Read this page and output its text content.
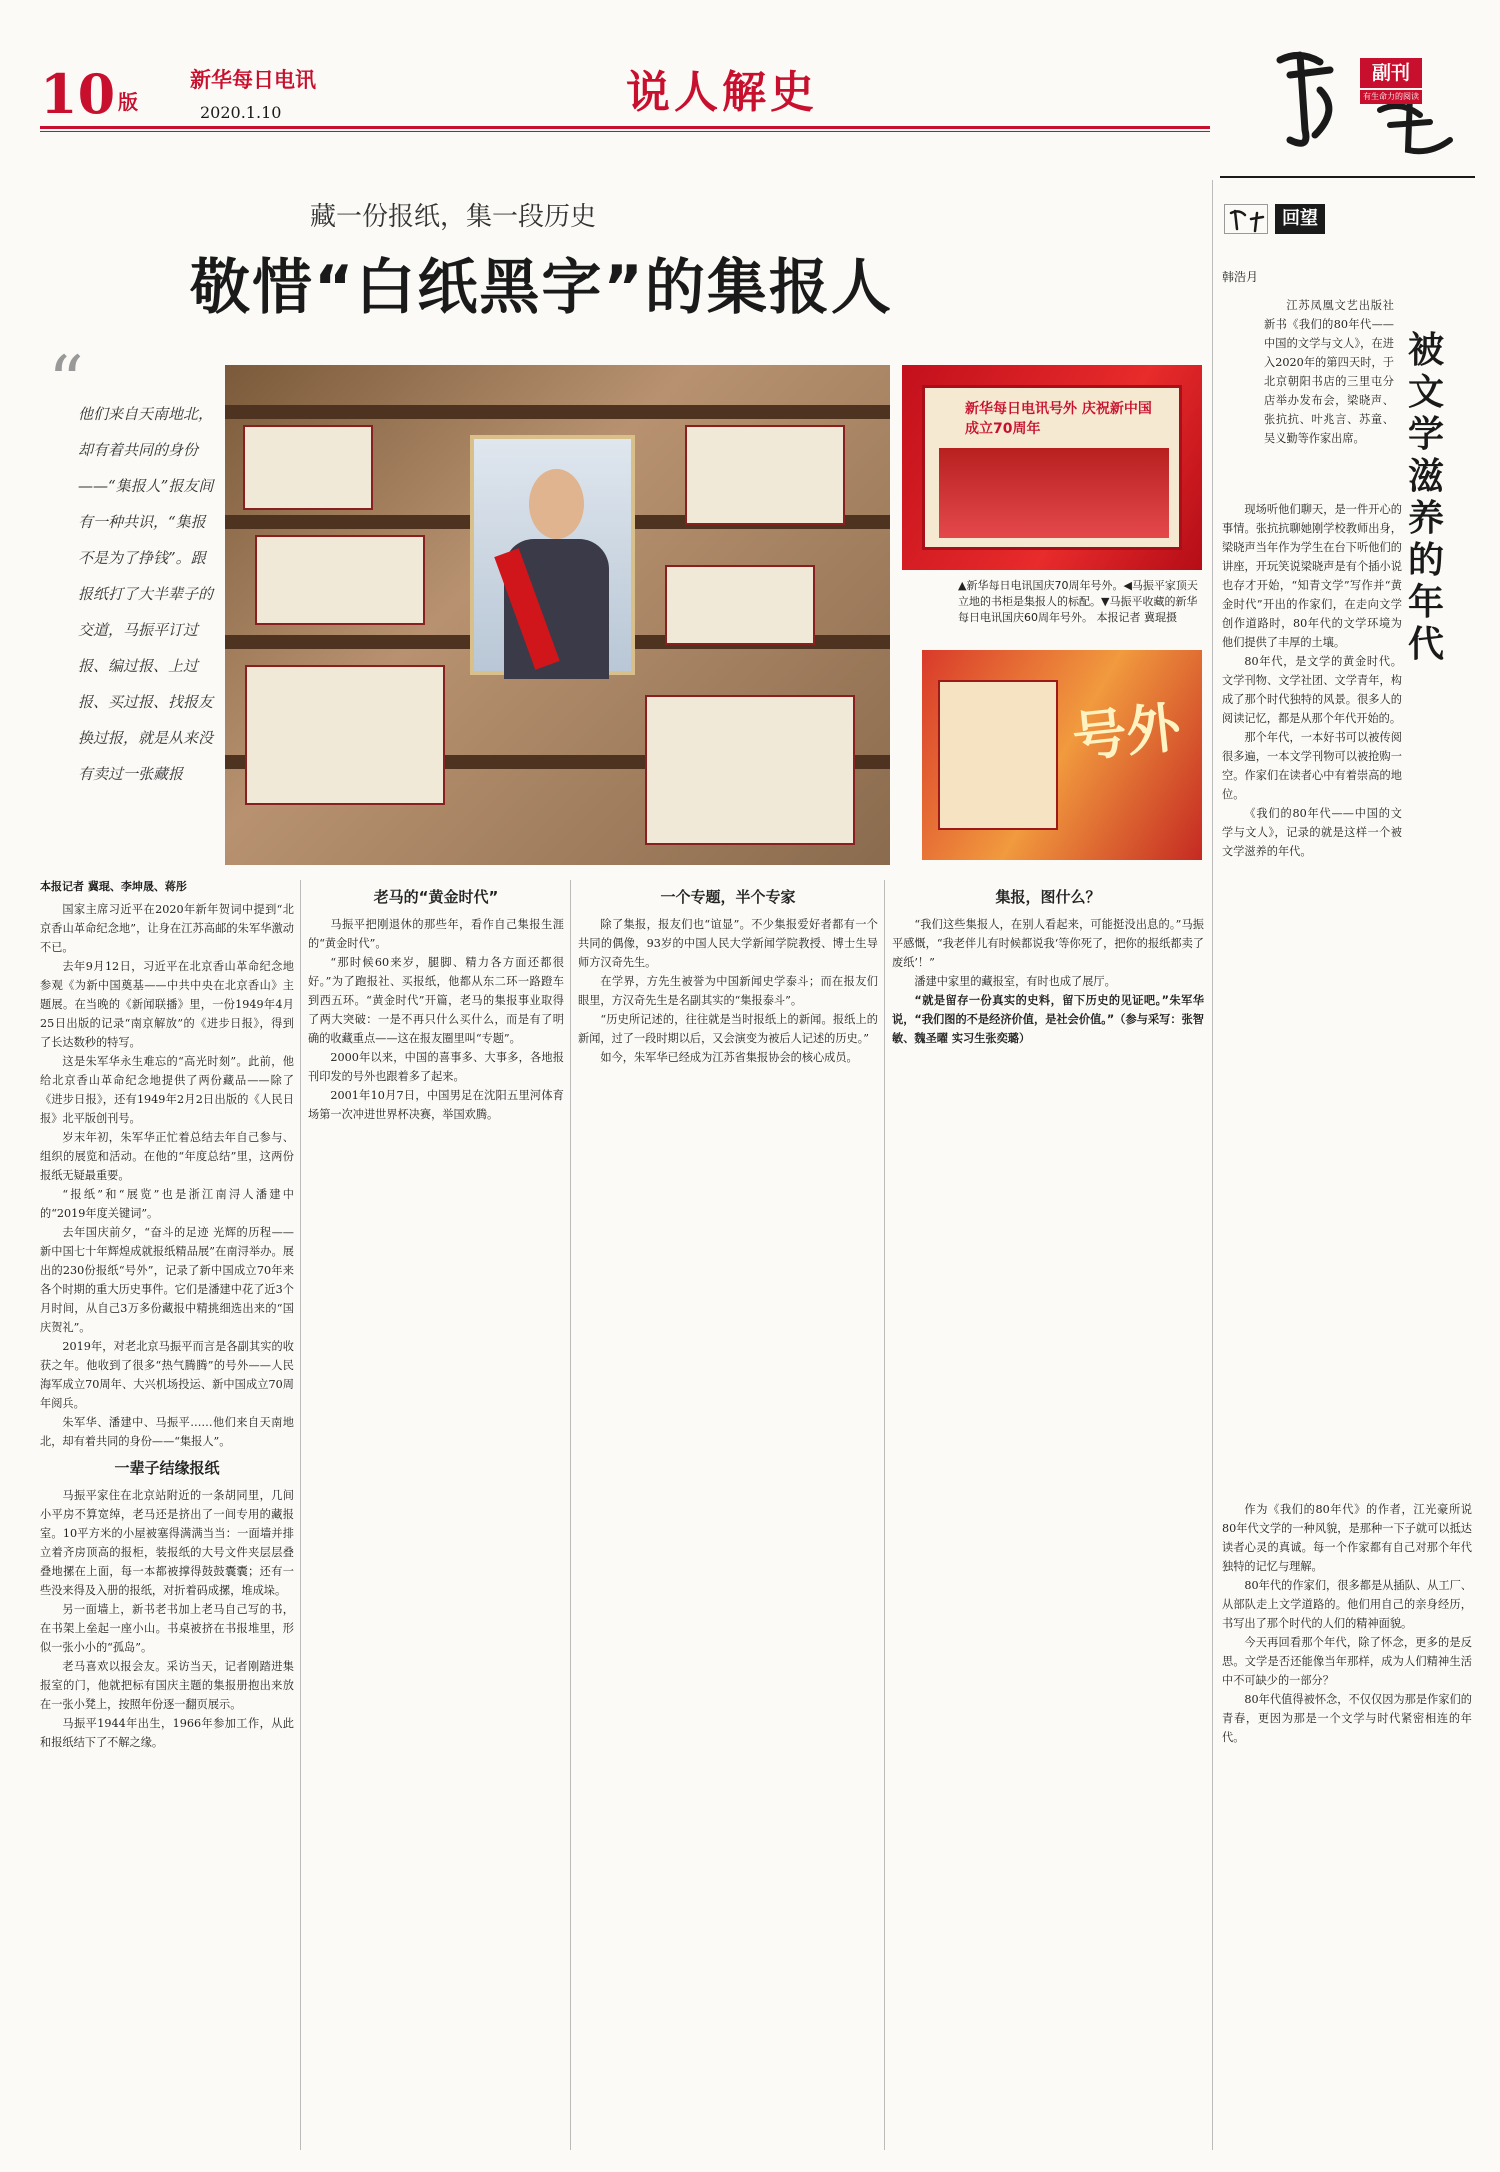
10 版
新华每日电讯
2020.1.10	说人解史	副刊
有生命力的阅读
藏一份报纸，集一段历史
敬惜“白纸黑字”的集报人
“
他们来自天南地北，却有着共同的身份——“集报人”报友间有一种共识，“集报不是为了挣钱”。跟报纸打了大半辈子的交道，马振平订过报、编过报、上过报、买过报、找报友换过报，就是从来没有卖过一张藏报
新华每日电讯号外 庆祝新中国成立70周年
▲新华每日电讯国庆70周年号外。◀马振平家顶天立地的书柜是集报人的标配。▼马振平收藏的新华每日电讯国庆60周年号外。 本报记者 冀琨摄
号外
本报记者 冀琨、李坤晟、蒋彤

国家主席习近平在2020年新年贺词中提到“北京香山革命纪念地”，让身在江苏高邮的朱军华激动不已。

去年9月12日，习近平在北京香山革命纪念地参观《为新中国奠基——中共中央在北京香山》主题展。在当晚的《新闻联播》里，一份1949年4月25日出版的记录“南京解放”的《进步日报》，得到了长达数秒的特写。

这是朱军华永生难忘的“高光时刻”。此前，他给北京香山革命纪念地提供了两份藏品——除了《进步日报》，还有1949年2月2日出版的《人民日报》北平版创刊号。

岁末年初，朱军华正忙着总结去年自己参与、组织的展览和活动。在他的“年度总结”里，这两份报纸无疑最重要。

“报纸”和“展览”也是浙江南浔人潘建中的“2019年度关键词”。

去年国庆前夕，“奋斗的足迹 光辉的历程——新中国七十年辉煌成就报纸精品展”在南浔举办。展出的230份报纸“号外”，记录了新中国成立70年来各个时期的重大历史事件。它们是潘建中花了近3个月时间，从自己3万多份藏报中精挑细选出来的“国庆贺礼”。

2019年，对老北京马振平而言是各副其实的收获之年。他收到了很多“热气腾腾”的号外——人民海军成立70周年、大兴机场投运、新中国成立70周年阅兵。

朱军华、潘建中、马振平……他们来自天南地北，却有着共同的身份——“集报人”。

一辈子结缘报纸

马振平家住在北京站附近的一条胡同里，几间小平房不算宽绰，老马还是挤出了一间专用的藏报室。10平方米的小屋被塞得满满当当：一面墙并排立着齐房顶高的报柜，装报纸的大号文件夹层层叠叠地摞在上面，每一本都被撑得鼓鼓囊囊；还有一些没来得及入册的报纸，对折着码成摞，堆成垛。

另一面墙上，新书老书加上老马自己写的书，在书架上垒起一座小山。书桌被挤在书报堆里，形似一张小小的“孤岛”。

老马喜欢以报会友。采访当天，记者刚踏进集报室的门，他就把标有国庆主题的集报册抱出来放在一张小凳上，按照年份逐一翻页展示。

马振平1944年出生，1966年参加工作，从此和报纸结下了不解之缘。

老马的“黄金时代”

马振平把刚退休的那些年，看作自己集报生涯的“黄金时代”。

“那时候60来岁，腿脚、精力各方面还都很好。”为了跑报社、买报纸，他都从东二环一路蹬车到西五环。“黄金时代”开篇，老马的集报事业取得了两大突破：一是不再只什么买什么，而是有了明确的收藏重点——这在报友圈里叫“专题”。

2000年以来，中国的喜事多、大事多，各地报刊印发的号外也跟着多了起来。

2001年10月7日，中国男足在沈阳五里河体育场第一次冲进世界杯决赛，举国欢腾。

一个专题，半个专家

除了集报，报友们也“谊显”。不少集报爱好者都有一个共同的偶像，93岁的中国人民大学新闻学院教授、博士生导师方汉奇先生。

在学界，方先生被誉为中国新闻史学泰斗；而在报友们眼里，方汉奇先生是名副其实的“集报泰斗”。

“历史所记述的，往往就是当时报纸上的新闻。报纸上的新闻，过了一段时期以后，又会演变为被后人记述的历史。”

如今，朱军华已经成为江苏省集报协会的核心成员。

集报，图什么？

“我们这些集报人，在别人看起来，可能挺没出息的。”马振平感慨，“我老伴儿有时候都说我‘等你死了，把你的报纸都卖了废纸’！”

潘建中家里的藏报室，有时也成了展厅。

“就是留存一份真实的史料，留下历史的见证吧。”朱军华说，“我们图的不是经济价值，是社会价值。”（参与采写：张智敏、魏圣曜 实习生张奕璐）

回望
韩浩月
被文学滋养的年代

江苏凤凰文艺出版社新书《我们的80年代——中国的文学与文人》，在进入2020年的第四天时，于北京朝阳书店的三里屯分店举办发布会，梁晓声、张抗抗、叶兆言、苏童、吴义勤等作家出席。

现场听他们聊天，是一件开心的事情。张抗抗聊她刚学校教师出身，梁晓声当年作为学生在台下听他们的讲座，开玩笑说梁晓声是有个插小说也存才开始，“知青文学”写作并“黄金时代”开出的作家们，在走向文学创作道路时，80年代的文学环境为他们提供了丰厚的土壤。

80年代，是文学的黄金时代。文学刊物、文学社团、文学青年，构成了那个时代独特的风景。很多人的阅读记忆，都是从那个年代开始的。

那个年代，一本好书可以被传阅很多遍，一本文学刊物可以被抢购一空。作家们在读者心中有着崇高的地位。

《我们的80年代——中国的文学与文人》，记录的就是这样一个被文学滋养的年代。

作为《我们的80年代》的作者，江光豪所说80年代文学的一种风貌，是那种一下子就可以抵达读者心灵的真诚。每一个作家都有自己对那个年代独特的记忆与理解。

80年代的作家们，很多都是从插队、从工厂、从部队走上文学道路的。他们用自己的亲身经历，书写出了那个时代的人们的精神面貌。

今天再回看那个年代，除了怀念，更多的是反思。文学是否还能像当年那样，成为人们精神生活中不可缺少的一部分？

80年代值得被怀念，不仅仅因为那是作家们的青春，更因为那是一个文学与时代紧密相连的年代。
